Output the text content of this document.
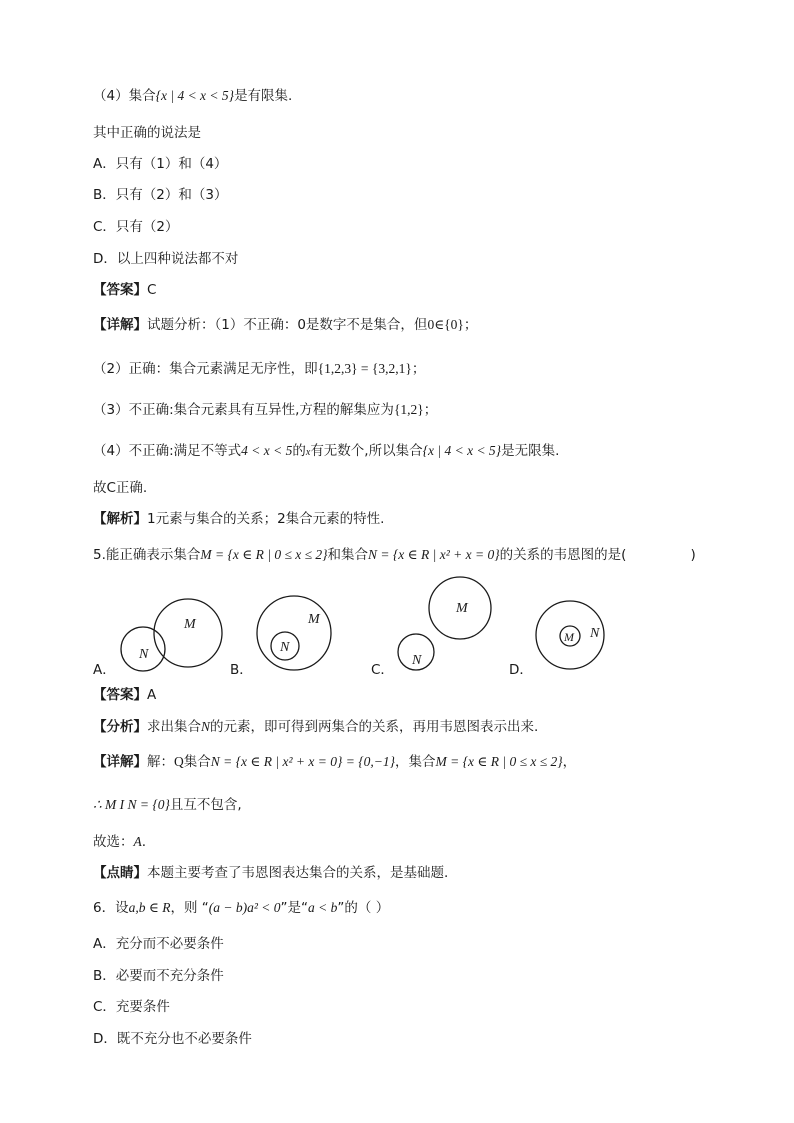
（4）集合{x | 4 < x < 5}是有限集.
其中正确的说法是
A．只有（1）和（4）
B．只有（2）和（3）
C．只有（2）
D．以上四种说法都不对
【答案】C
【详解】试题分析：（1）不正确：0是数字不是集合，但0∈{0}；
（2）正确：集合元素满足无序性，即{1,2,3} = {3,2,1}；
（3）不正确:集合元素具有互异性,方程的解集应为{1,2}；
（4）不正确:满足不等式4 < x < 5的x有无数个,所以集合{x | 4 < x < 5}是无限集.
故C正确.
【解析】1元素与集合的关系；2集合元素的特性.
5.能正确表示集合M = {x ∈ R | 0 ≤ x ≤ 2}和集合N = {x ∈ R | x² + x = 0}的关系的韦恩图的是(	)
A．
M
N
B．
M
N
C．
M
N
D．
M N
【答案】A
【分析】求出集合N的元素，即可得到两集合的关系，再用韦恩图表示出来.
【详解】解：Q集合N = {x ∈ R | x² + x = 0} = {0,−1}，集合M = {x ∈ R | 0 ≤ x ≤ 2}，
∴ M I N = {0}且互不包含,
故选：A.
【点睛】本题主要考查了韦恩图表达集合的关系，是基础题.
6．设a,b ∈ R，则 “(a − b)a² < 0”是“a < b”的（ ）
A．充分而不必要条件
B．必要而不充分条件
C．充要条件
D．既不充分也不必要条件
